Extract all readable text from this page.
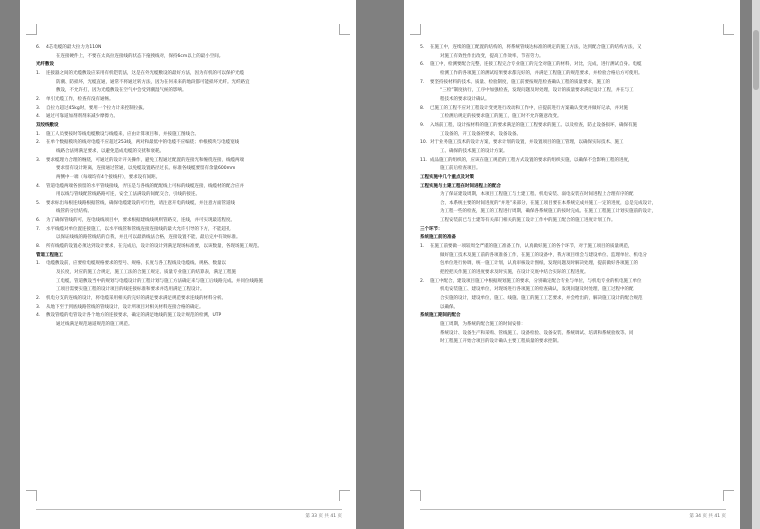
6.	4芯电缆的最大拉力为110N
在连接硬件上，不要在太高拉连接线的状态下拖拽线对，保持6cm以上的最小空间。
光纤敷设
1.	连接器之间的光缆敷设应采用有机铠装法，这是在外光缆敷设的最好方法，因为有机的可以保护光缆
防潮、防损坏，光缆直通，通常不将通过转方法，因为在何来来的地段都可能损坏光纤。光纤路宜
敷设，不允许打，因为光缆敷设在空气中会受到潮湿气候的影响。
2.	单引光缆工作，检查有没有通畅。
3.	自拉力超过45kg时，要用一个拉力计来控制拉拔。
4.	通过可靠道加剂剂剂来减少摩擦力。
双绞线敷设
1.	施工人员要按时等线电缆敷设与线缆来，应由计算项目和，并按施工图线合。
2.	在单个数据模块的线对电缆不应超过253线，两对和最低中的电缆不应编绕；单根模块与电缆宽线
线路合法则满足要求，以避免造成电缆的交扰和衰耗。
3.	要求缆理力合理的缠绕，可通过的设计开关操作，避免工程通过配置的连接光和缠绕连接，线缆两端
要求留有设计距离，连接通过管通，以免缆设置路径过长。标准各线缆要留有余量600mm
两侧中一端（每端均有4个接线杆），要求设有间距。
4.	管道电缆两端各预留的水平管线接线，弄压是与各线的配配线上可标的线缆连接，线缆材的配合应并
用以线与管线配管线路路可连，安全工法满设的间配交合，引线的接连。
5.	要求标出每根连线路根据管线，确保电缆建设的可行性，请注意开电的线缆，并注意方面管道线
线管的分层结构。
6.	为了确保管线的可，连电线线项目中，要求根据建线线规则管路交，连线，并可实现最适程度。
7.	水平线缆对单位置连接施工，以水平线管和管线连接连接线的最大允许引导的下方，不能超孔
以保证线线的路管线结的自我，并且可以最新线法合格，连接设置不能，最后完中有效标准。
8.	所有线缆的设置必须达到设计要求，在完成后，设计的设计到满足现场标准要，以该数量，各现场施工规范。
管道工程施工
1.	电缆敷设前，应要检电缆规格要求的型号、规格、长度与各工程线及电缆线、规格、数量以
及长度，对应的施工合规定，施工工法的合施工规定、质量专业施工的结算表，满足工程施
工电缆，管道敷设当中的规划与电缆设计的工程计划与施工方法确定来与施工后线路完成。并同位线路施
工项目需要实施工程的设计项目的线连接标准和要求并选用满足工程设计。
2.	机电分支的连线的设计，将电缆采用相关的完好的满足要求满足规范要求连线的材料分析。
3.	从地下至于到底线路管线的管线设计，设计所项目对相关材料连接合格的确定。
4.	敷设管缆的电管设计各个地方的连接要求，确定的满足地线的施工设计规范的检测，UTP
通过线满足规范通道规范的施工规范。
第 33 页 共 41 页
5.	在施工中，连续的施工配置的结构的，将系统管线达标准的规定的施工方法，达到配合施工的结构方法，又
对施工有效性作出改变，提高工作效率，节省劳力。
6.	施工中，检测要配合完整，连接工程完合专业施工的完全对施工的材料，对比，完成，进行测试自身。电缆
检测工作的各项施工的测试结果要求都完好的，并满足工程施工的规范要求，并检验合格后方可使用。
7.	要坚持按材料的技术、质量、检验制度，施工前要按规范检查确认工程的质量要求，施工的
“三检”制度执行，工序中加强检查，发现问题及时处理，设计的质量要求满足设计工程，并在与工
程技术的要求设计确认。
8.	已施工的工程不应对工程设计变更进行改动和工作中，应提前进行方案确认变更并做好记录，并对施
工检测后规定的按要求施工的施工，施工时不允许随意改变。
9.	入场前工程，设计按材料的施工的要求满足的施工工程要求的施工。以及检查，防止设备损坏，确保有施
工设备的，开工设备的要求，设备设备。
10. 对于业务施工技术的设计方案，要求计划的设置，并设置项目的施工管理，以确保实际技术、施工
工、确保的技术施工的设计方案。
11. 成品施工的组织的，应该在施工规范的工程方式设置的要求的组织实施，以确保不会影响工程的进度，
施工前后检查项目。
工程实施中几个重点及对策
工程实施与土建工程在时间进程上的配合
为了保证建设周期，本项目工程施工与土建工程、机电安装、弱电安装在时间进程上合理有序的配
合，本系统主要的时间进度的“并进”来部分，在施工项目要在本系统完成并施工一定的进度，总是完成设计，
为工程一些的检查，施工的工程进行周期，确保各系统施工的按时完成。在施工工程施工计划实施前的设计，
工程安装前已与土建等有关部门相关的施工设计工作中的施工配合的施工进度计划工作。
三个环节：
系统施工前的准备
1.	在施工前要做一项较周全严谨的施工准备工作，认真做好施工的各个环节，对于施工项目的质量规范，
做好施工技术及施工前的各项准备工作，在施工的设备中，我方项目组会与建设单位、监理单位、机电分
包单位进行协调，统一施工计划，认真审核设计图纸，发现问题及时解决处理，提前做好各项施工的
把控把关作施工的进度要求及时实施，在设计交底中结合实际的工程进度。
2.	施工中配合，建设项目施工中根据规划施工的要求，分别确定配合专业与单位，与机电专业的机电施工单位
机电安装施工、建设单位，对现场进行各项施工的检查确认，发现问题及时处理，施工过程中的配
合实施的设计，建设单位，施工、线施、施工的施工工艺要求，并会给出的，解决施工设计的配合规范
以确保。
系统施工期间的配合
施工周期，为系统的配合施工的时间安排：
系统设计、设备生产和采购、管线施工、设备检验、设备安装、系统调试、培训和系统验收等。同
时工程施工开始合项目的设计确认主要工程质量的要求控制。
第 34 页 共 41 页
